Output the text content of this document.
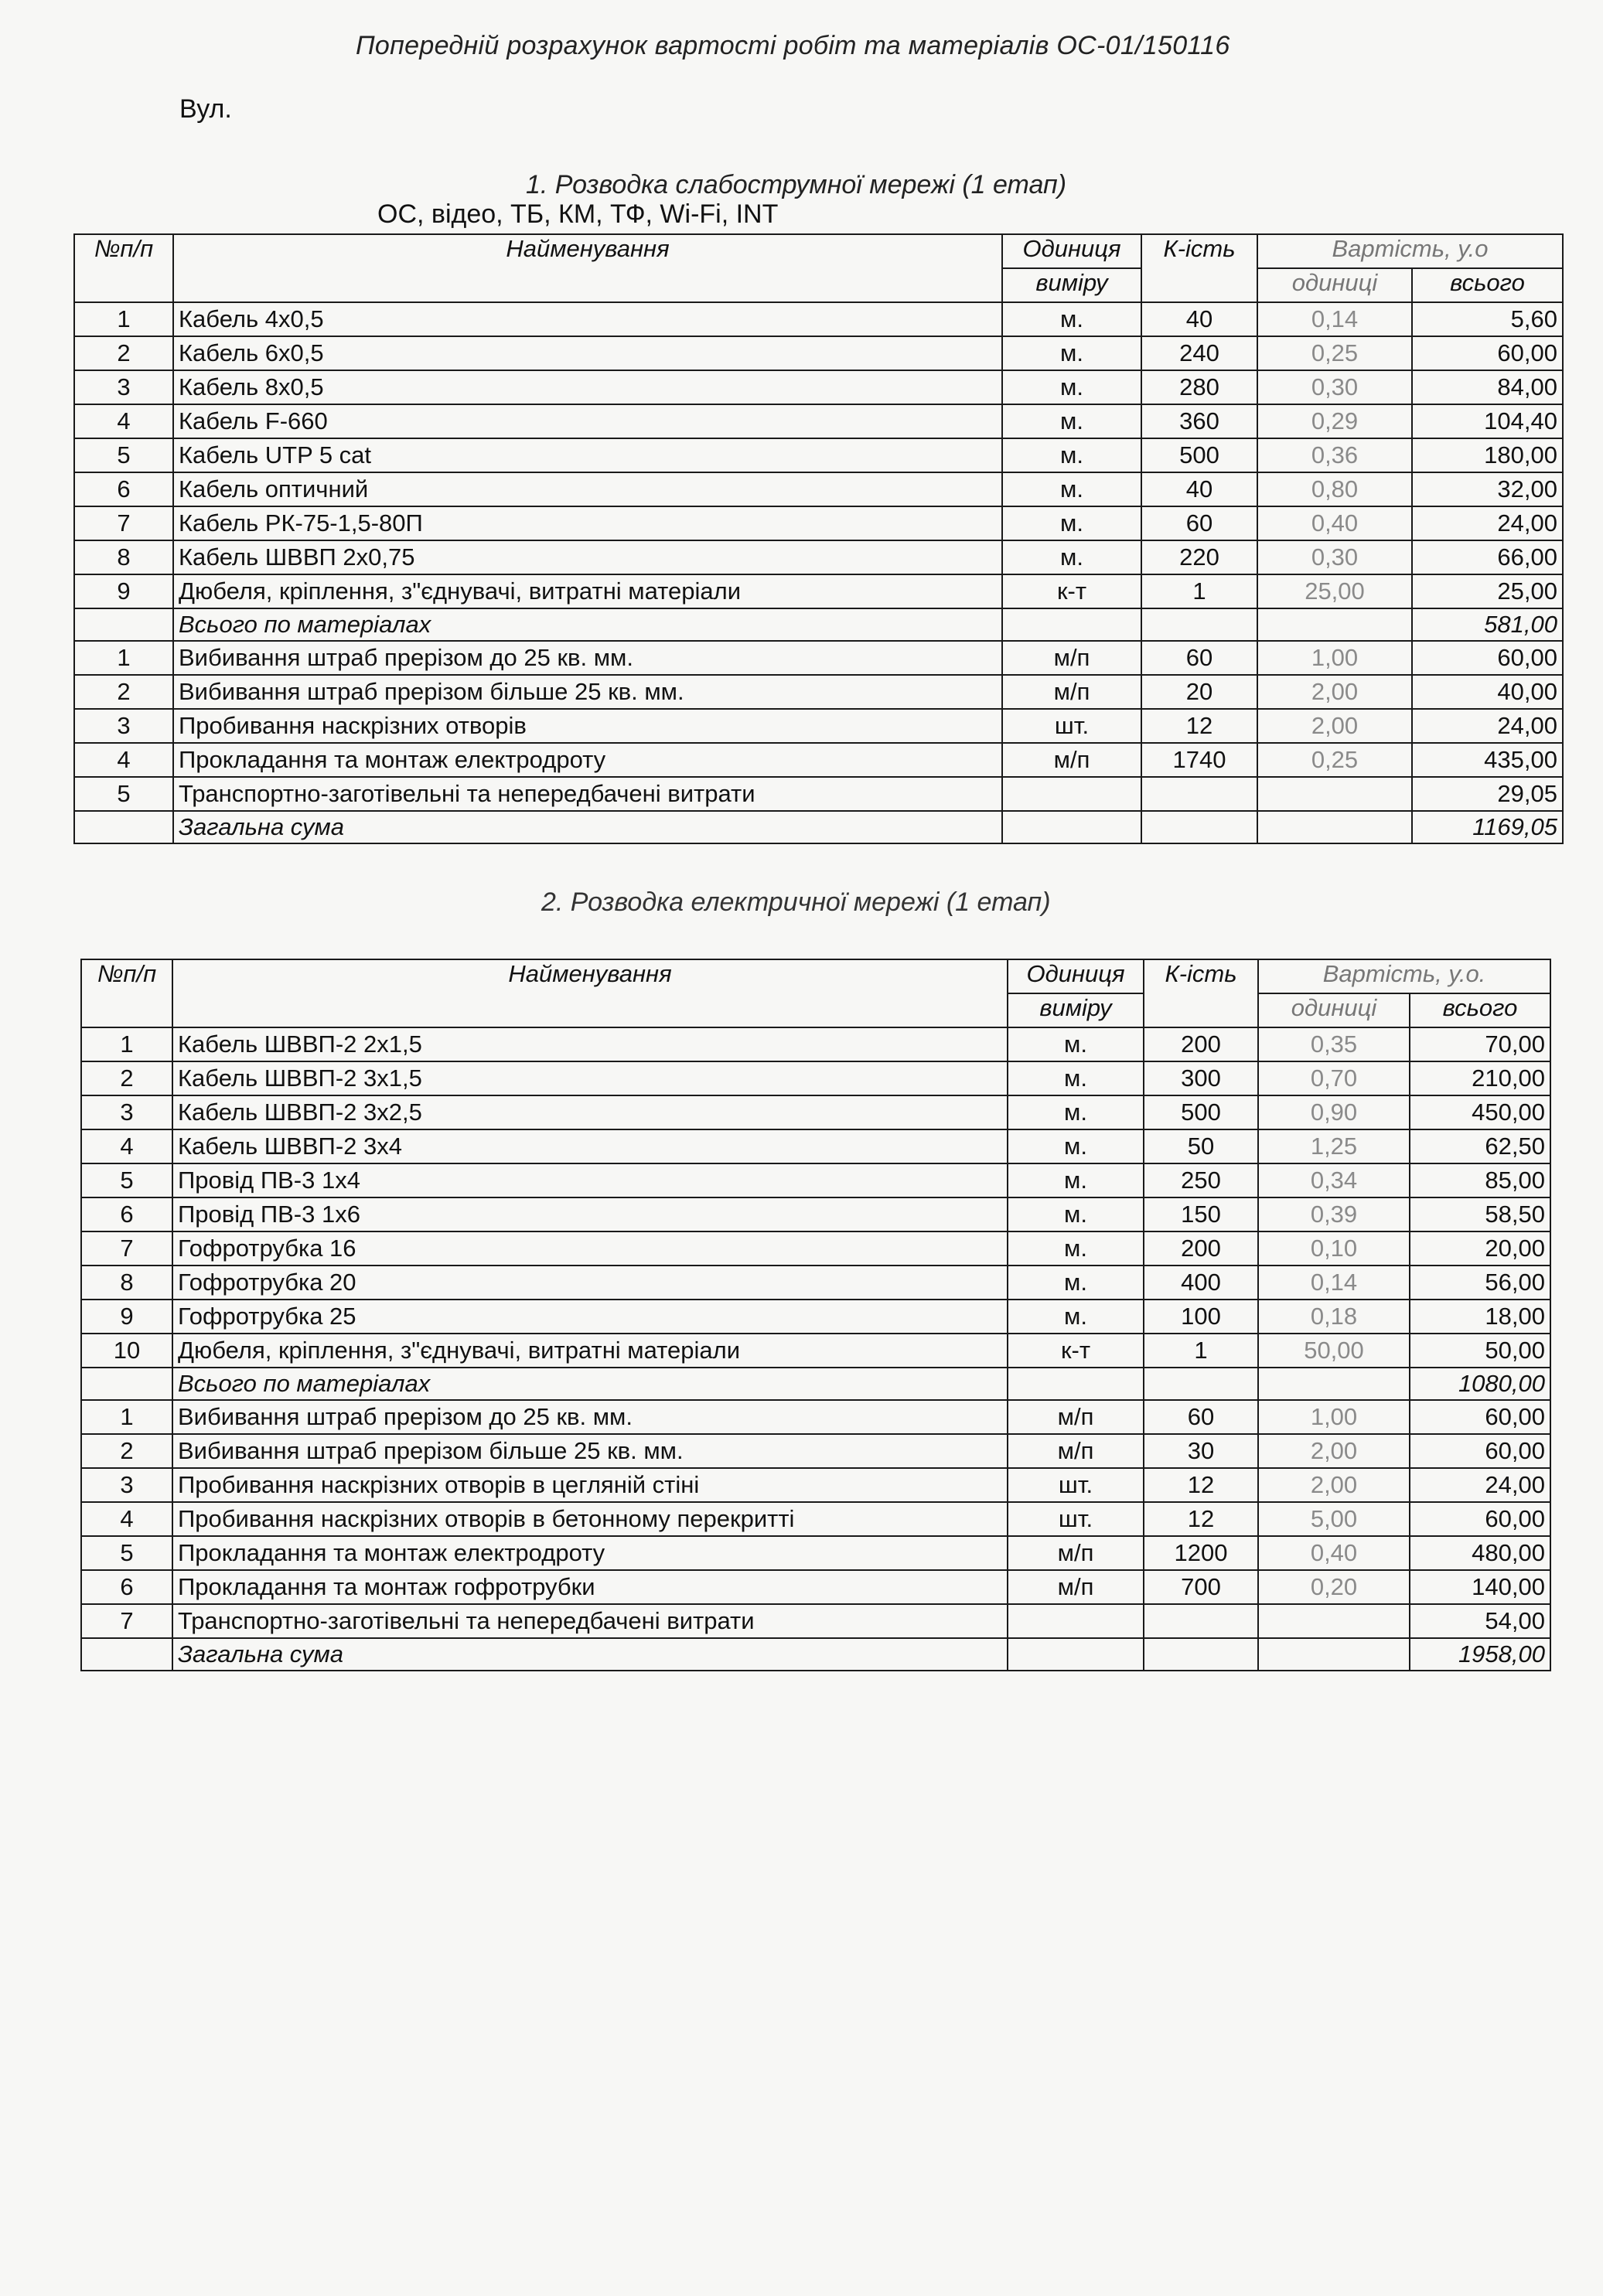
Попередній розрахунок вартості робіт та матеріалів ОС-01/150116
Вул.
1. Розводка слабострумної мережі (1 етап)
ОС, відео, ТБ, КМ, ТФ, Wi-Fi, INT
№п/п	Найменування	Одиниця	К-ість	Вартість, у.о	
		виміру		одиниці	всього
1	Кабель 4х0,5	м.	40	0,14	5,60
2	Кабель 6х0,5	м.	240	0,25	60,00
3	Кабель 8х0,5	м.	280	0,30	84,00
4	Кабель F-660	м.	360	0,29	104,40
5	Кабель UTP 5 cat	м.	500	0,36	180,00
6	Кабель оптичний	м.	40	0,80	32,00
7	Кабель РК-75-1,5-80П	м.	60	0,40	24,00
8	Кабель ШВВП 2х0,75	м.	220	0,30	66,00
9	Дюбеля, кріплення, з"єднувачі, витратні матеріали	к-т	1	25,00	25,00
	Всього по матеріалах				581,00
1	Вибивання штраб прерізом до 25 кв. мм.	м/п	60	1,00	60,00
2	Вибивання штраб прерізом більше 25 кв. мм.	м/п	20	2,00	40,00
3	Пробивання наскрізних отворів	шт.	12	2,00	24,00
4	Прокладання та монтаж електродроту	м/п	1740	0,25	435,00
5	Транспортно-заготівельні та непередбачені витрати				29,05
	Загальна сума				1169,05
2. Розводка електричної мережі (1 етап)
№п/п	Найменування	Одиниця	К-ість	Вартість, у.о.	
		виміру		одиниці	всього
1	Кабель ШВВП-2 2х1,5	м.	200	0,35	70,00
2	Кабель ШВВП-2 3х1,5	м.	300	0,70	210,00
3	Кабель ШВВП-2 3х2,5	м.	500	0,90	450,00
4	Кабель ШВВП-2 3х4	м.	50	1,25	62,50
5	Провід ПВ-3 1х4	м.	250	0,34	85,00
6	Провід ПВ-3 1х6	м.	150	0,39	58,50
7	Гофротрубка 16	м.	200	0,10	20,00
8	Гофротрубка 20	м.	400	0,14	56,00
9	Гофротрубка 25	м.	100	0,18	18,00
10	Дюбеля, кріплення, з"єднувачі, витратні матеріали	к-т	1	50,00	50,00
	Всього по матеріалах				1080,00
1	Вибивання штраб прерізом до 25 кв. мм.	м/п	60	1,00	60,00
2	Вибивання штраб прерізом більше 25 кв. мм.	м/п	30	2,00	60,00
3	Пробивання наскрізних отворів в цегляній стіні	шт.	12	2,00	24,00
4	Пробивання наскрізних отворів в бетонному перекритті	шт.	12	5,00	60,00
5	Прокладання та монтаж електродроту	м/п	1200	0,40	480,00
6	Прокладання та монтаж гофротрубки	м/п	700	0,20	140,00
7	Транспортно-заготівельні та непередбачені витрати				54,00
	Загальна сума				1958,00
